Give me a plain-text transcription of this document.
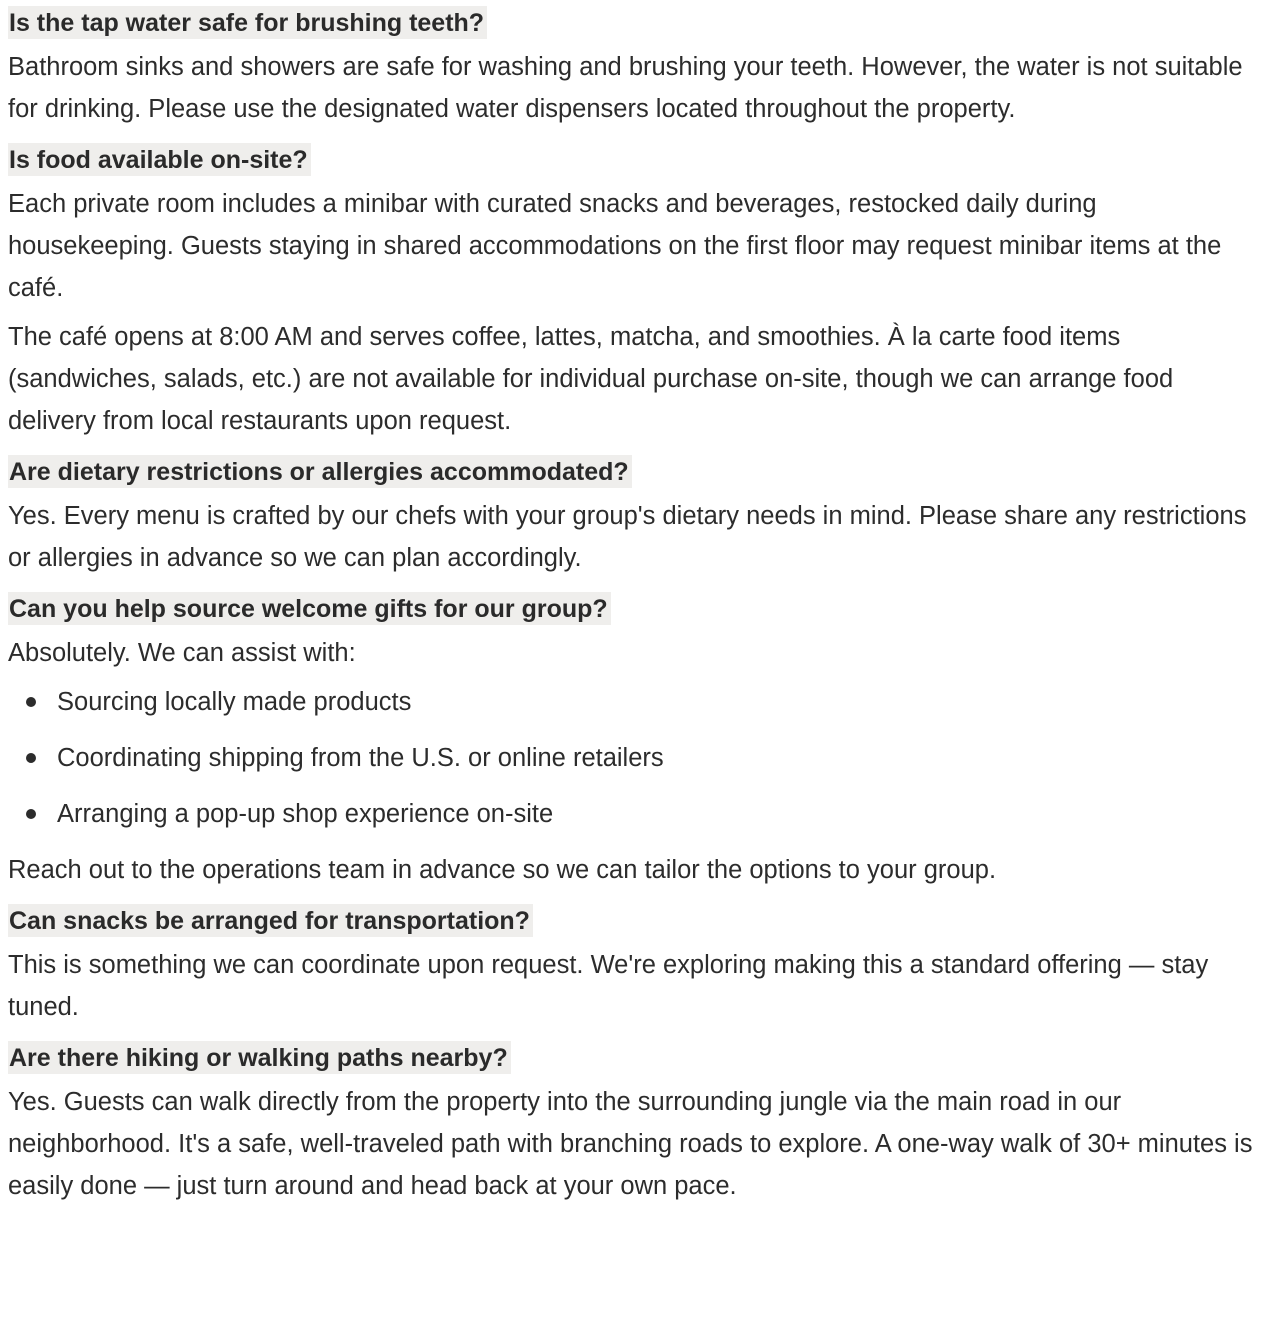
Is the tap water safe for brushing teeth?

Bathroom sinks and showers are safe for washing and brushing your teeth. However, the water is not suitable for drinking. Please use the designated water dispensers located throughout the property.

Is food available on-site?

Each private room includes a minibar with curated snacks and beverages, restocked daily during housekeeping. Guests staying in shared accommodations on the first floor may request minibar items at the café.

The café opens at 8:00 AM and serves coffee, lattes, matcha, and smoothies. À la carte food items (sandwiches, salads, etc.) are not available for individual purchase on-site, though we can arrange food delivery from local restaurants upon request.

Are dietary restrictions or allergies accommodated?

Yes. Every menu is crafted by our chefs with your group's dietary needs in mind. Please share any restrictions or allergies in advance so we can plan accordingly.

Can you help source welcome gifts for our group?

Absolutely. We can assist with:

Sourcing locally made products
Coordinating shipping from the U.S. or online retailers
Arranging a pop-up shop experience on-site

Reach out to the operations team in advance so we can tailor the options to your group.

Can snacks be arranged for transportation?

This is something we can coordinate upon request. We're exploring making this a standard offering — stay tuned.

Are there hiking or walking paths nearby?

Yes. Guests can walk directly from the property into the surrounding jungle via the main road in our neighborhood. It's a safe, well-traveled path with branching roads to explore. A one-way walk of 30+ minutes is easily done — just turn around and head back at your own pace.
